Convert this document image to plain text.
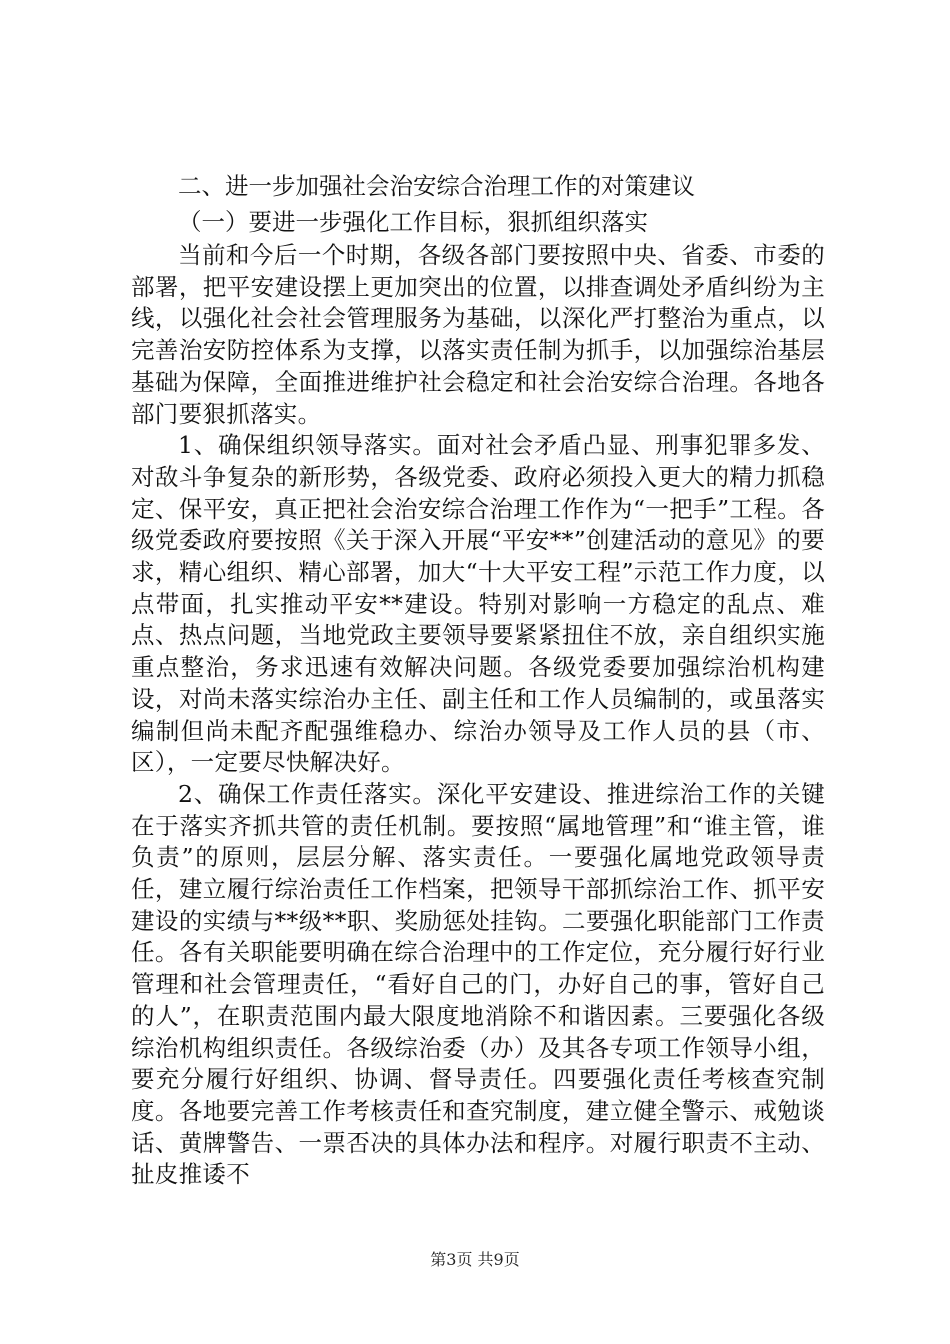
二、进一步加强社会治安综合治理工作的对策建议

（一）要进一步强化工作目标，狠抓组织落实

当前和今后一个时期，各级各部门要按照中央、省委、市委的部署，把平安建设摆上更加突出的位置，以排查调处矛盾纠纷为主线，以强化社会社会管理服务为基础，以深化严打整治为重点，以完善治安防控体系为支撑，以落实责任制为抓手，以加强综治基层基础为保障，全面推进维护社会稳定和社会治安综合治理。各地各部门要狠抓落实。

1、确保组织领导落实。面对社会矛盾凸显、刑事犯罪多发、对敌斗争复杂的新形势，各级党委、政府必须投入更大的精力抓稳定、保平安，真正把社会治安综合治理工作作为“一把手”工程。各级党委政府要按照《关于深入开展“平安**”创建活动的意见》的要求，精心组织、精心部署，加大“十大平安工程”示范工作力度，以点带面，扎实推动平安**建设。特别对影响一方稳定的乱点、难点、热点问题，当地党政主要领导要紧紧扭住不放，亲自组织实施重点整治，务求迅速有效解决问题。各级党委要加强综治机构建设，对尚未落实综治办主任、副主任和工作人员编制的，或虽落实编制但尚未配齐配强维稳办、综治办领导及工作人员的县（市、区），一定要尽快解决好。

2、确保工作责任落实。深化平安建设、推进综治工作的关键在于落实齐抓共管的责任机制。要按照“属地管理”和“谁主管，谁负责”的原则，层层分解、落实责任。一要强化属地党政领导责任，建立履行综治责任工作档案，把领导干部抓综治工作、抓平安建设的实绩与**级**职、奖励惩处挂钩。二要强化职能部门工作责任。各有关职能要明确在综合治理中的工作定位，充分履行好行业管理和社会管理责任，“看好自己的门，办好自己的事，管好自己的人”，在职责范围内最大限度地消除不和谐因素。三要强化各级综治机构组织责任。各级综治委（办）及其各专项工作领导小组，要充分履行好组织、协调、督导责任。四要强化责任考核查究制度。各地要完善工作考核责任和查究制度，建立健全警示、戒勉谈话、黄牌警告、一票否决的具体办法和程序。对履行职责不主动、扯皮推诿不

第3页 共9页
